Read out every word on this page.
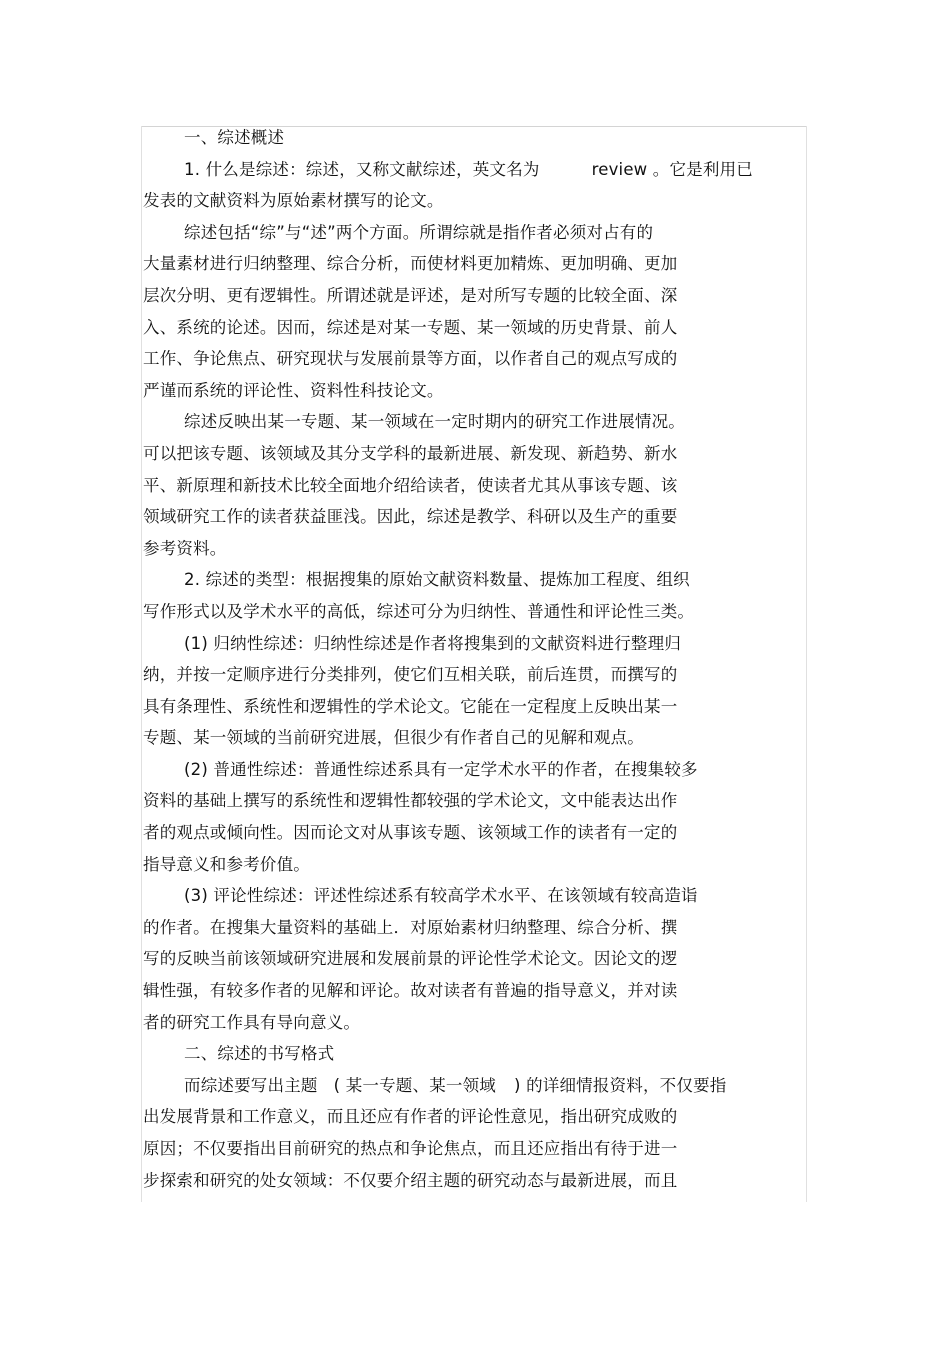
一、综述概述
1. 什么是综述：综述，又称文献综述，英文名为	review 。它是利用已
发表的文献资料为原始素材撰写的论文。
综述包括“综”与“述”两个方面。所谓综就是指作者必须对占有的
大量素材进行归纳整理、综合分析，而使材料更加精炼、更加明确、更加
层次分明、更有逻辑性。所谓述就是评述，是对所写专题的比较全面、深
入、系统的论述。因而，综述是对某一专题、某一领域的历史背景、前人
工作、争论焦点、研究现状与发展前景等方面，以作者自己的观点写成的
严谨而系统的评论性、资料性科技论文。
综述反映出某一专题、某一领域在一定时期内的研究工作进展情况。
可以把该专题、该领域及其分支学科的最新进展、新发现、新趋势、新水
平、新原理和新技术比较全面地介绍给读者，使读者尤其从事该专题、该
领域研究工作的读者获益匪浅。因此，综述是教学、科研以及生产的重要
参考资料。
2. 综述的类型：根据搜集的原始文献资料数量、提炼加工程度、组织
写作形式以及学术水平的高低，综述可分为归纳性、普通性和评论性三类。
(1) 归纳性综述：归纳性综述是作者将搜集到的文献资料进行整理归
纳，并按一定顺序进行分类排列，使它们互相关联，前后连贯，而撰写的
具有条理性、系统性和逻辑性的学术论文。它能在一定程度上反映出某一
专题、某一领域的当前研究进展，但很少有作者自己的见解和观点。
(2) 普通性综述：普通性综述系具有一定学术水平的作者，在搜集较多
资料的基础上撰写的系统性和逻辑性都较强的学术论文，文中能表达出作
者的观点或倾向性。因而论文对从事该专题、该领域工作的读者有一定的
指导意义和参考价值。
(3) 评论性综述：评述性综述系有较高学术水平、在该领域有较高造诣
的作者。在搜集大量资料的基础上．对原始素材归纳整理、综合分析、撰
写的反映当前该领域研究进展和发展前景的评论性学术论文。因论文的逻
辑性强，有较多作者的见解和评论。故对读者有普遍的指导意义，并对读
者的研究工作具有导向意义。
二、综述的书写格式
而综述要写出主题 ( 某一专题、某一领域 ) 的详细情报资料，不仅要指
出发展背景和工作意义，而且还应有作者的评论性意见，指出研究成败的
原因；不仅要指出目前研究的热点和争论焦点，而且还应指出有待于进一
步探索和研究的处女领域：不仅要介绍主题的研究动态与最新进展，而且
